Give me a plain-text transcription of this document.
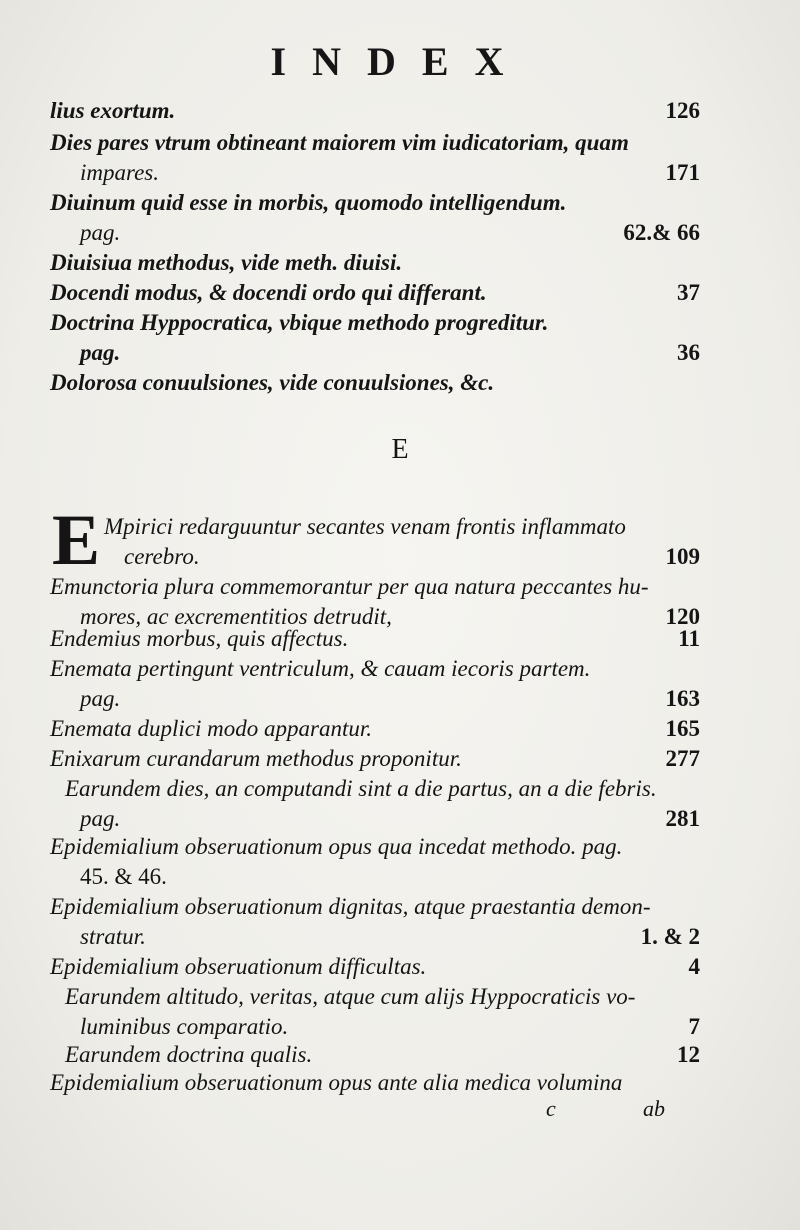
INDEX
lius exortum.	126
Dies pares vtrum obtineant maiorem vim iudicatoriam, quam
impares.	171
Diuinum quid esse in morbis, quomodo intelligendum.
pag.	62.& 66
Diuisiua methodus, vide meth. diuisi.
Docendi modus, & docendi ordo qui differant.	37
Doctrina Hyppocratica, vbique methodo progreditur.
pag.	36
Dolorosa conuulsiones, vide conuulsiones, &c.
E
E Mpirici redarguuntur secantes venam frontis inflammato
cerebro.	109
Emunctoria plura commemorantur per qua natura peccantes hu-
mores, ac excrementitios detrudit,	120
Endemius morbus, quis affectus.	11
Enemata pertingunt ventriculum, & cauam iecoris partem.
pag.	163
Enemata duplici modo apparantur.	165
Enixarum curandarum methodus proponitur.	277
Earundem dies, an computandi sint a die partus, an a die febris.
pag.	281
Epidemialium obseruationum opus qua incedat methodo. pag.
45. & 46.
Epidemialium obseruationum dignitas, atque praestantia demon-
stratur.	1. & 2
Epidemialium obseruationum difficultas.	4
Earundem altitudo, veritas, atque cum alijs Hyppocraticis vo-
luminibus comparatio.	7
Earundem doctrina qualis.	12
Epidemialium obseruationum opus ante alia medica volumina
c	ab
